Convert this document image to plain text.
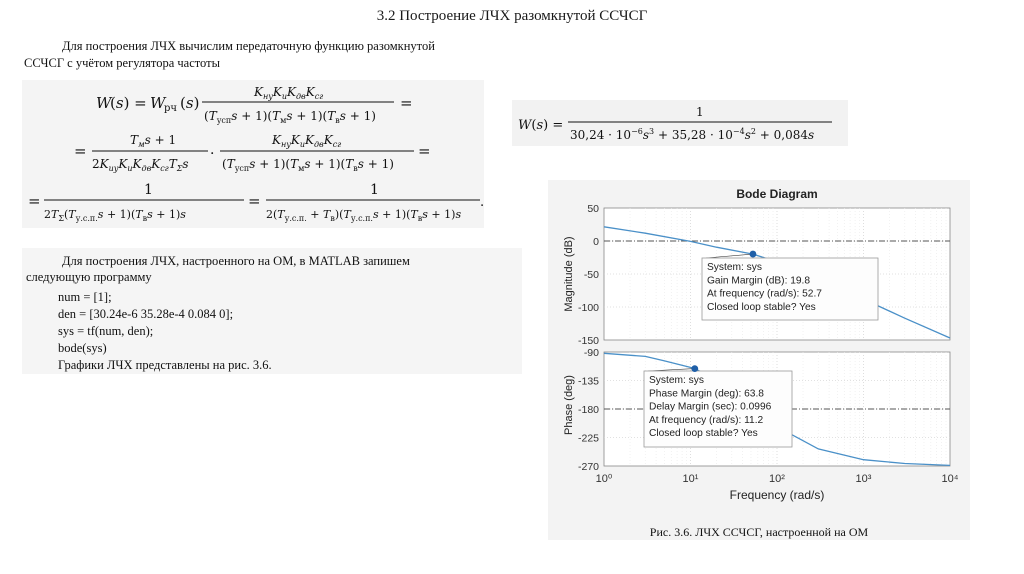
3.2 Построение ЛЧХ разомкнутой ССЧСГ
Для построения ЛЧХ вычислим передаточную функцию разомкнутой
ССЧСГ с учётом регулятора частоты
W
(s) = W
рч (s)
$K_{ну}K_иK_{дв}K_{сг}$
$(T_{усп}s + 1)(T_мs + 1)(T_вs + 1)$
=
=
$T_мs + 1$
$2K_{иу}K_иK_{дв}K_{сг}T_\Sigma s$
·
$K_{ну}K_иK_{дв}K_{сг}$
$(T_{усп}s + 1)(T_мs + 1)(T_вs + 1)$
=
=
1
$2T_\Sigma(T_{у.с.п.}s + 1)(T_вs + 1)s$
=
1
$2(T_{у.с.п.} + T_в)(T_{у.с.п.}s + 1)(T_вs + 1)s$
.
W(s) =
1
$30,24 \cdot 10^{-6}s^3 + 35,28 \cdot 10^{-4}s^2 + 0,084s$
Для построения ЛЧХ, настроенного на ОМ, в MATLAB запишем
следующую программу
num = [1];
den = [30.24e-6 35.28e-4 0.084 0];
sys = tf(num, den);
bode(sys)
Графики ЛЧХ представлены на рис. 3.6.
Bode Diagram
50
0
-50
-100
-150
System: sys
Gain Margin (dB): 19.8
At frequency (rad/s): 52.7
Closed loop stable? Yes
-90
-135
-180
-225
-270
System: sys
Phase Margin (deg): 63.8
Delay Margin (sec): 0.0996
At frequency (rad/s): 11.2
Closed loop stable? Yes
10⁰	10¹	10²	10³	10⁴
Magnitude (dB)
Phase (deg)
Frequency (rad/s)
Рис. 3.6. ЛЧХ ССЧСГ, настроенной на ОМ
